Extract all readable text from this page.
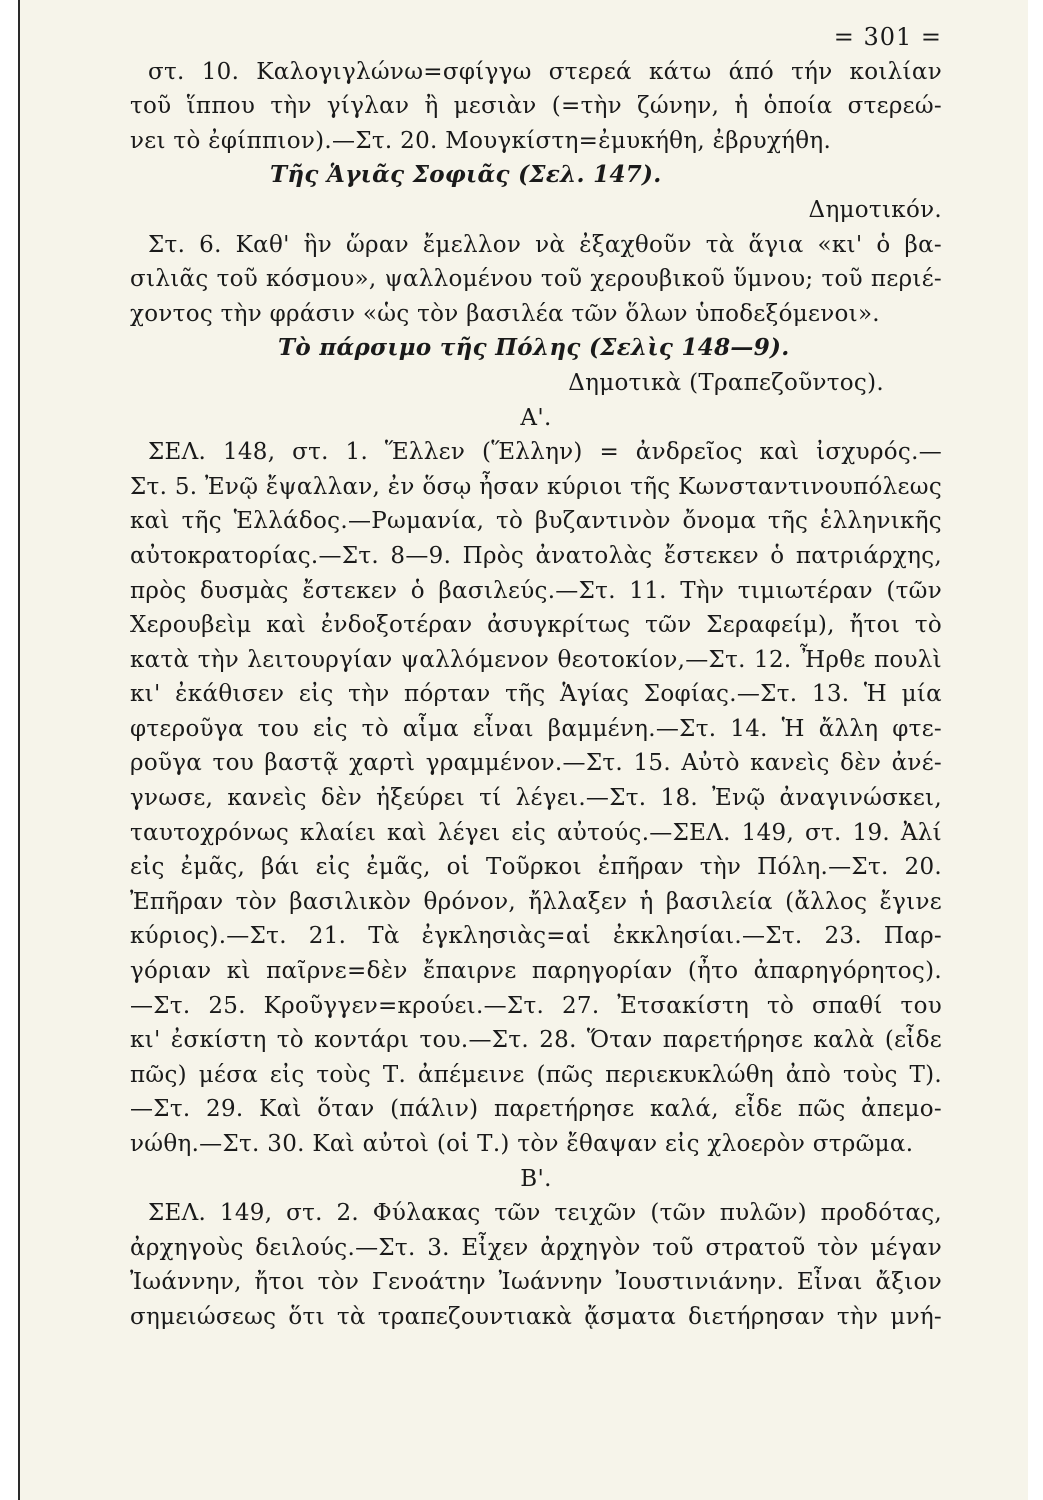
= 301 =
στ. 10. Καλογιγλώνω=σφίγγω στερεά κάτω άπό τήν κοιλίαν
τοῦ ἵππου τὴν γίγλαν ἢ μεσιὰν (=τὴν ζώνην, ἡ ὁποία στερεώ-
νει τὸ ἐφίππιον).—Στ. 20. Μουγκίστη=ἐμυκήθη, ἐβρυχήθη.
Τῆς Ἁγιᾶς Σοφιᾶς (Σελ. 147).
Δημοτικόν.
Στ. 6. Καθ' ἣν ὥραν ἔμελλον νὰ ἐξαχθοῦν τὰ ἅγια «κι' ὁ βα-
σιλιᾶς τοῦ κόσμου», ψαλλομένου τοῦ χερουβικοῦ ὕμνου; τοῦ περιέ-
χοντος τὴν φράσιν «ὡς τὸν βασιλέα τῶν ὅλων ὑποδεξόμενοι».
Τὸ πάρσιμο τῆς Πόλης (Σελὶς 148—9).
Δημοτικὰ (Τραπεζοῦντος).
Α'.
ΣΕΛ. 148, στ. 1. Ἕλλεν (Ἕλλην) = ἀνδρεῖος καὶ ἰσχυρός.—
Στ. 5. Ἐνῷ ἔψαλλαν, ἐν ὅσῳ ἦσαν κύριοι τῆς Κωνσταντινουπόλεως
καὶ τῆς Ἑλλάδος.—Ρωμανία, τὸ βυζαντινὸν ὄνομα τῆς ἑλληνικῆς
αὐτοκρατορίας.—Στ. 8—9. Πρὸς ἀνατολὰς ἔστεκεν ὁ πατριάρχης,
πρὸς δυσμὰς ἔστεκεν ὁ βασιλεύς.—Στ. 11. Τὴν τιμιωτέραν (τῶν
Χερουβεὶμ καὶ ἐνδοξοτέραν ἀσυγκρίτως τῶν Σεραφείμ), ἤτοι τὸ
κατὰ τὴν λειτουργίαν ψαλλόμενον θεοτοκίον,—Στ. 12. Ἦρθε πουλὶ
κι' ἐκάθισεν εἰς τὴν πόρταν τῆς Ἁγίας Σοφίας.—Στ. 13. Ἡ μία
φτεροῦγα του εἰς τὸ αἷμα εἶναι βαμμένη.—Στ. 14. Ἡ ἄλλη φτε-
ροῦγα του βαστᾷ χαρτὶ γραμμένον.—Στ. 15. Αὐτὸ κανεὶς δὲν ἀνέ-
γνωσε, κανεὶς δὲν ἠξεύρει τί λέγει.—Στ. 18. Ἐνῷ ἀναγινώσκει,
ταυτοχρόνως κλαίει καὶ λέγει εἰς αὐτούς.—ΣΕΛ. 149, στ. 19. Ἀλί
εἰς ἐμᾶς, βάι εἰς ἐμᾶς, οἱ Τοῦρκοι ἐπῆραν τὴν Πόλη.—Στ. 20.
Ἐπῆραν τὸν βασιλικὸν θρόνον, ἤλλαξεν ἡ βασιλεία (ἄλλος ἔγινε
κύριος).—Στ. 21. Τὰ ἐγκλησιὰς=αἱ ἐκκλησίαι.—Στ. 23. Παρ-
γόριαν κὶ παῖρνε=δὲν ἔπαιρνε παρηγορίαν (ἦτο ἀπαρηγόρητος).
—Στ. 25. Κροῦγγεν=κρούει.—Στ. 27. Ἐτσακίστη τὸ σπαθί του
κι' ἐσκίστη τὸ κοντάρι του.—Στ. 28. Ὅταν παρετήρησε καλὰ (εἶδε
πῶς) μέσα εἰς τοὺς Τ. ἀπέμεινε (πῶς περιεκυκλώθη ἀπὸ τοὺς Τ).
—Στ. 29. Καὶ ὅταν (πάλιν) παρετήρησε καλά, εἶδε πῶς ἀπεμο-
νώθη.—Στ. 30. Καὶ αὐτοὶ (οἱ Τ.) τὸν ἔθαψαν εἰς χλοερὸν στρῶμα.
Β'.
ΣΕΛ. 149, στ. 2. Φύλακας τῶν τειχῶν (τῶν πυλῶν) προδότας,
ἀρχηγοὺς δειλούς.—Στ. 3. Εἶχεν ἀρχηγὸν τοῦ στρατοῦ τὸν μέγαν
Ἰωάννην, ἤτοι τὸν Γενοάτην Ἰωάννην Ἰουστινιάνην. Εἶναι ἄξιον
σημειώσεως ὅτι τὰ τραπεζουντιακὰ ᾄσματα διετήρησαν τὴν μνή-
